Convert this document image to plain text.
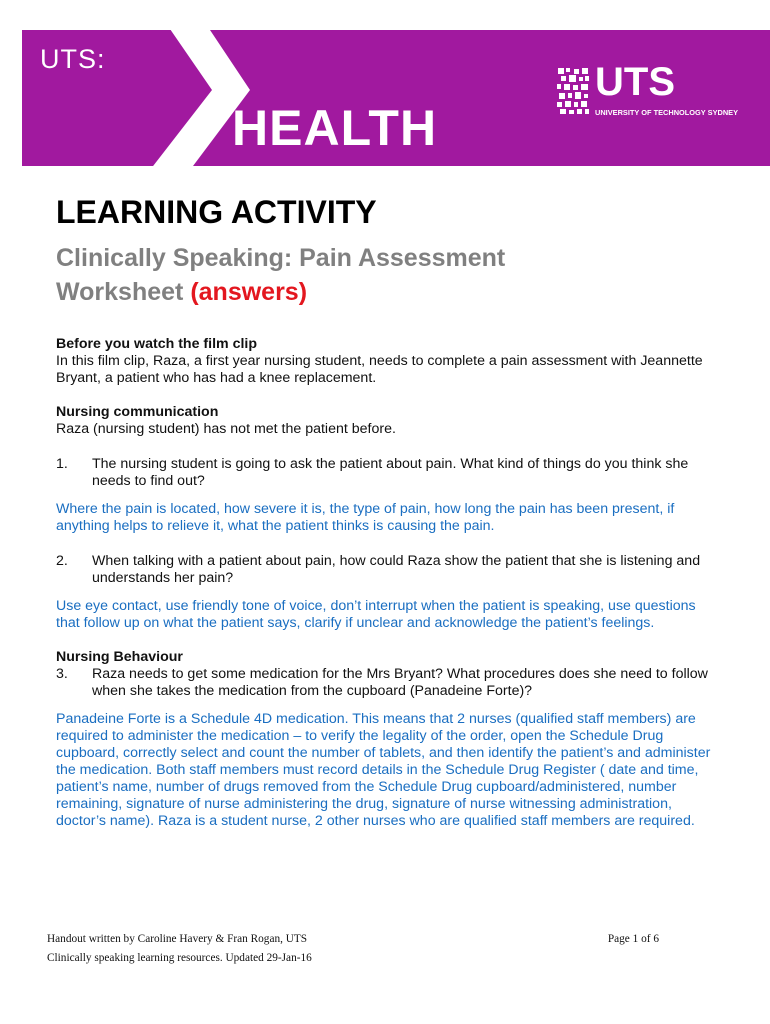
UTS:
HEALTH
UTS
UNIVERSITY OF TECHNOLOGY SYDNEY
LEARNING ACTIVITY
Clinically Speaking: Pain Assessment
Worksheet (answers)
Before you watch the film clip
In this film clip, Raza, a first year nursing student, needs to complete a pain assessment with Jeannette Bryant, a patient who has had a knee replacement.
Nursing communication
Raza (nursing student) has not met the patient before.
1.	The nursing student is going to ask the patient about pain. What kind of things do you think she needs to find out?
Where the pain is located, how severe it is, the type of pain, how long the pain has been present, if anything helps to relieve it, what the patient thinks is causing the pain.
2.	When talking with a patient about pain, how could Raza show the patient that she is listening and understands her pain?
Use eye contact, use friendly tone of voice, don’t interrupt when the patient is speaking, use questions that follow up on what the patient says, clarify if unclear and acknowledge the patient’s feelings.
Nursing Behaviour
3.	Raza needs to get some medication for the Mrs Bryant? What procedures does she need to follow when she takes the medication from the cupboard (Panadeine Forte)?
Panadeine Forte is a Schedule 4D medication. This means that 2 nurses (qualified staff members) are required to administer the medication – to verify the legality of the order, open the Schedule Drug cupboard, correctly select and count the number of tablets, and then identify the patient’s and administer the medication. Both staff members must record details in the Schedule Drug Register ( date and time, patient’s name, number of drugs removed from the Schedule Drug cupboard/administered, number remaining, signature of nurse administering the drug, signature of nurse witnessing administration, doctor’s name). Raza is a student nurse, 2 other nurses who are qualified staff members are required.
Handout written by Caroline Havery & Fran Rogan, UTS	Page 1 of 6
Clinically speaking learning resources. Updated 29-Jan-16
